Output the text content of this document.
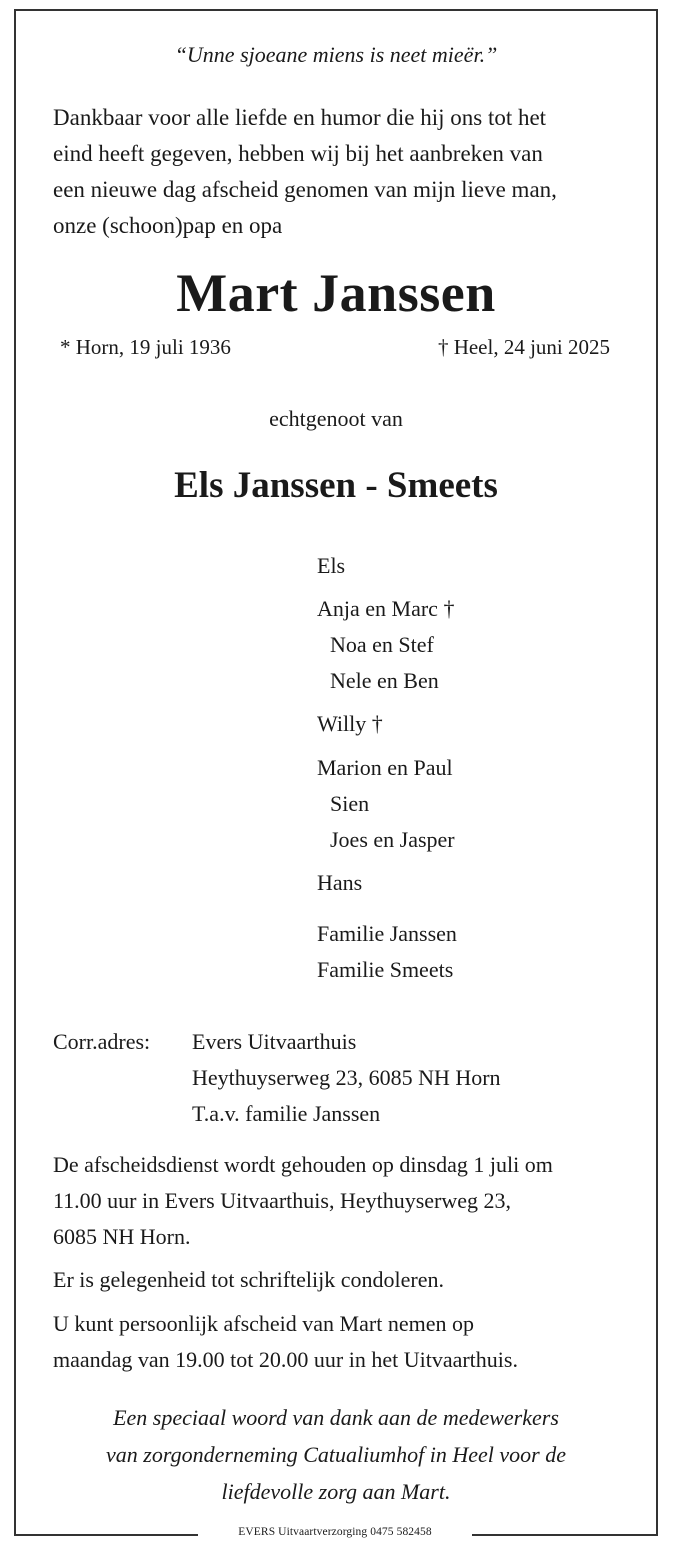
“Unne sjoeane miens is neet mieër.”
Dankbaar voor alle liefde en humor die hij ons tot het
eind heeft gegeven, hebben wij bij het aanbreken van
een nieuwe dag afscheid genomen van mijn lieve man,
onze (schoon)pap en opa
Mart Janssen
* Horn, 19 juli 1936	† Heel, 24 juni 2025
echtgenoot van
Els Janssen - Smeets
Els
Anja en Marc †
Noa en Stef
Nele en Ben
Willy †
Marion en Paul
Sien
Joes en Jasper
Hans
Familie Janssen
Familie Smeets
Corr.adres: Evers Uitvaarthuis
Heythuyserweg 23, 6085 NH Horn
T.a.v. familie Janssen
De afscheidsdienst wordt gehouden op dinsdag 1 juli om
11.00 uur in Evers Uitvaarthuis, Heythuyserweg 23,
6085 NH Horn.
Er is gelegenheid tot schriftelijk condoleren.
U kunt persoonlijk afscheid van Mart nemen op
maandag van 19.00 tot 20.00 uur in het Uitvaarthuis.
Een speciaal woord van dank aan de medewerkers
van zorgonderneming Catualiumhof in Heel voor de
liefdevolle zorg aan Mart.
EVERS Uitvaartverzorging 0475 582458
